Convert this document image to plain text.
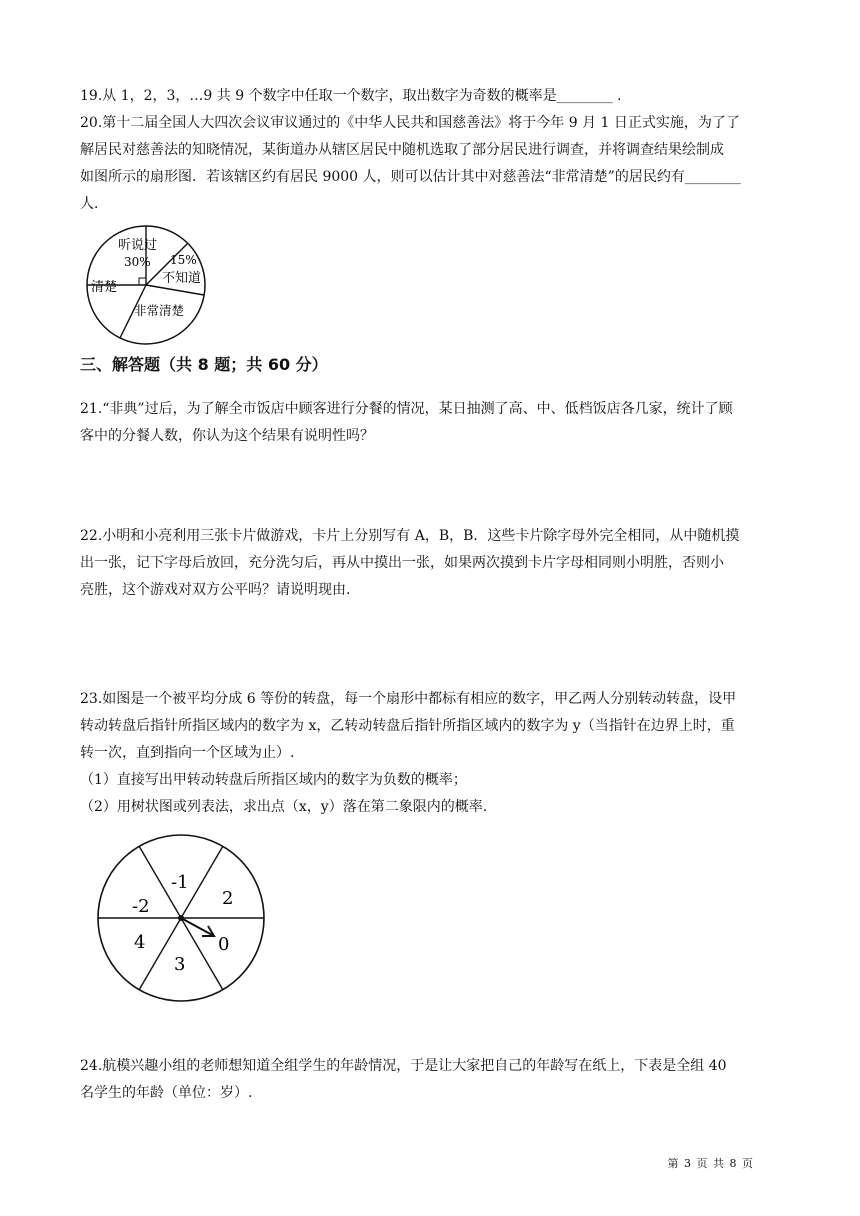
19.从 1，2，3，…9 共 9 个数字中任取一个数字，取出数字为奇数的概率是________ .
20.第十二届全国人大四次会议审议通过的《中华人民共和国慈善法》将于今年 9 月 1 日正式实施，为了了
解居民对慈善法的知晓情况，某街道办从辖区居民中随机选取了部分居民进行调查，并将调查结果绘制成
如图所示的扇形图．若该辖区约有居民 9000 人，则可以估计其中对慈善法“非常清楚”的居民约有________
人．
听说过
30% 15%
不知道
非常清楚
清楚
三、解答题（共 8 题；共 60 分）
21.“非典”过后，为了解全市饭店中顾客进行分餐的情况，某日抽测了高、中、低档饭店各几家，统计了顾
客中的分餐人数，你认为这个结果有说明性吗？
22.小明和小亮利用三张卡片做游戏，卡片上分别写有 A，B，B．这些卡片除字母外完全相同，从中随机摸
出一张，记下字母后放回，充分洗匀后，再从中摸出一张，如果两次摸到卡片字母相同则小明胜，否则小
亮胜，这个游戏对双方公平吗？请说明现由.
23.如图是一个被平均分成 6 等份的转盘，每一个扇形中都标有相应的数字，甲乙两人分别转动转盘，设甲
转动转盘后指针所指区域内的数字为 x，乙转动转盘后指针所指区域内的数字为 y（当指针在边界上时，重
转一次，直到指向一个区域为止）.
（1）直接写出甲转动转盘后所指区域内的数字为负数的概率；
（2）用树状图或列表法，求出点（x，y）落在第二象限内的概率.
-1
2
0
3
4
-2
24.航模兴趣小组的老师想知道全组学生的年龄情况，于是让大家把自己的年龄写在纸上，下表是全组 40
名学生的年龄（单位：岁）.
第 3 页 共 8 页
